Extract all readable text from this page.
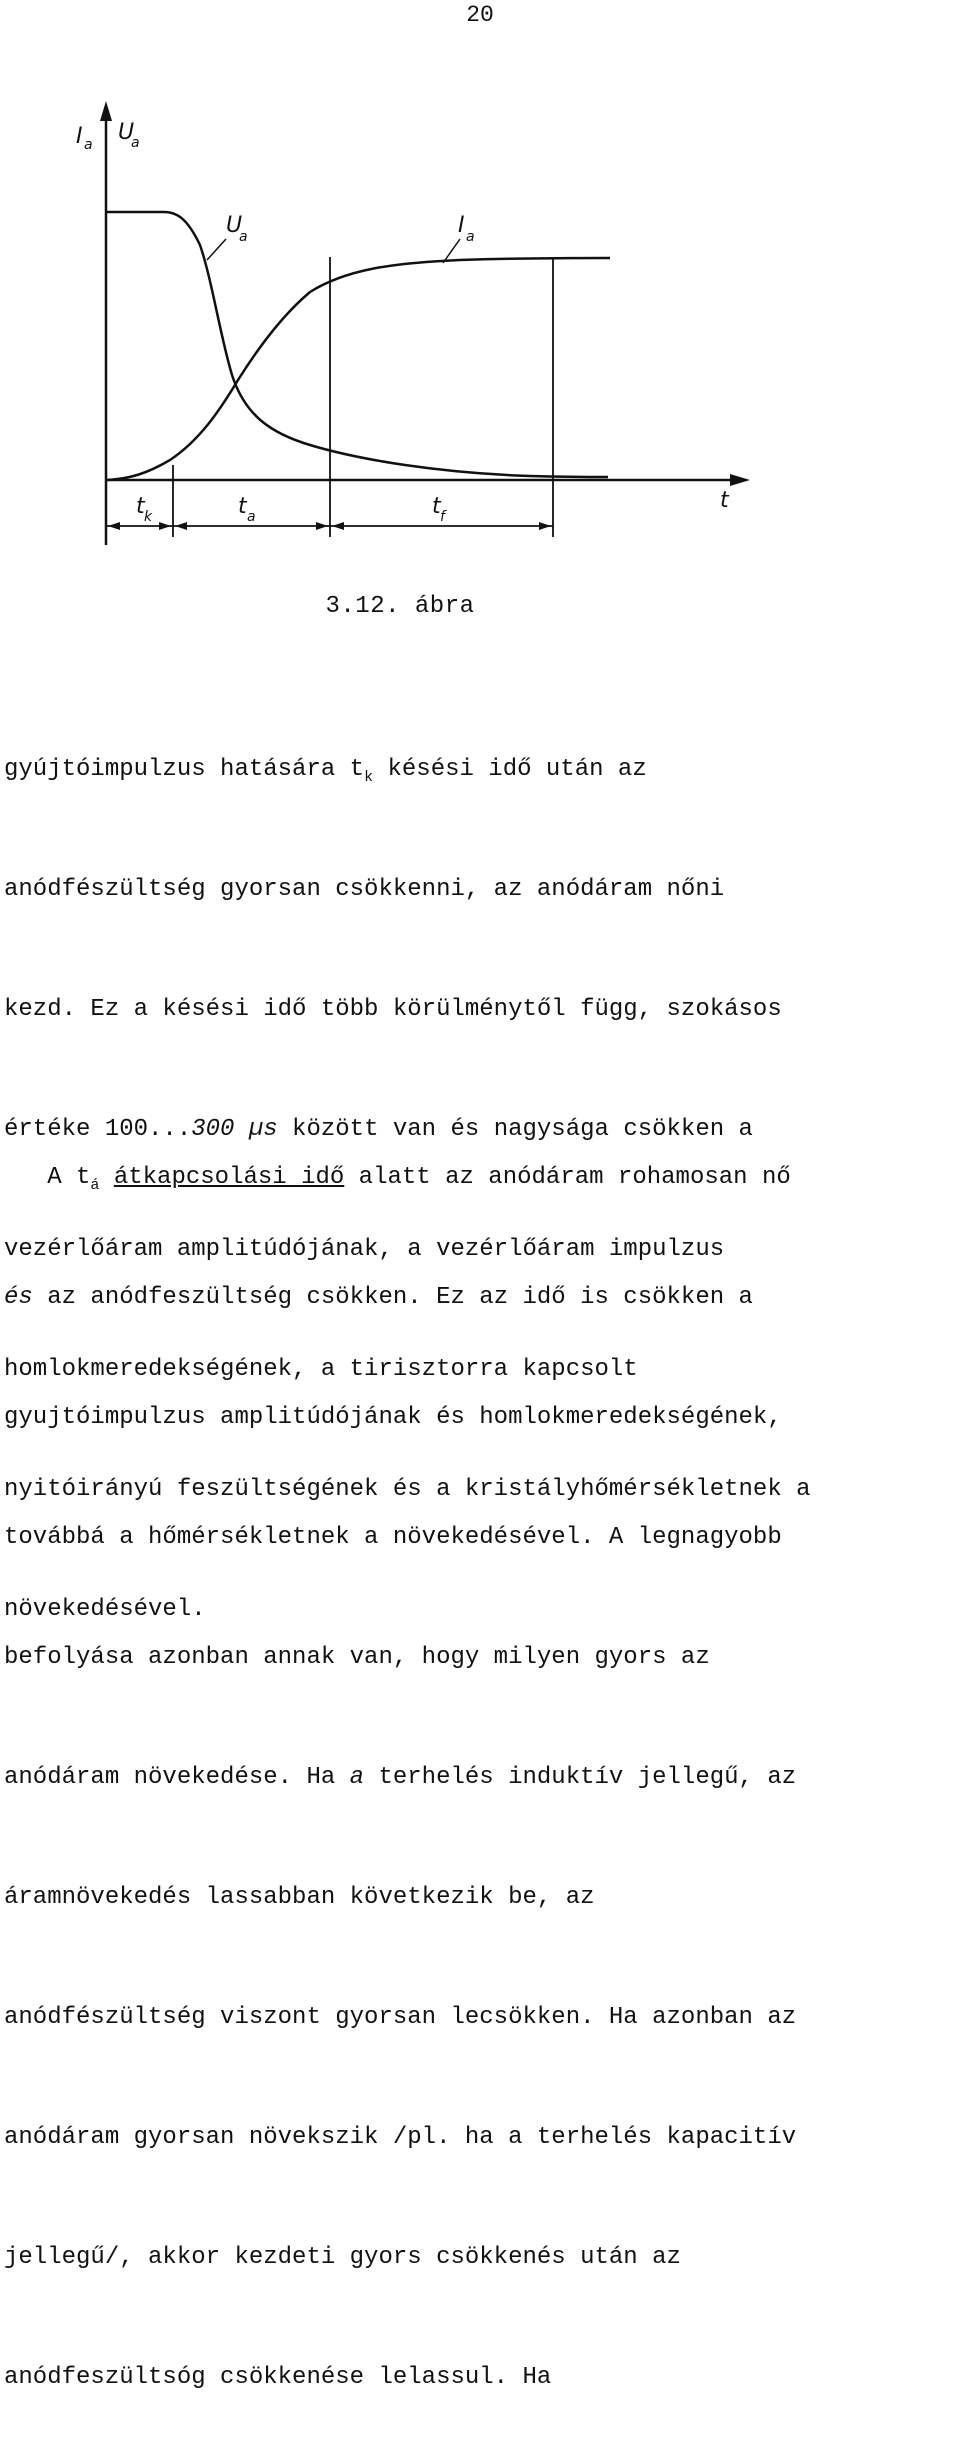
20
I a U
a
t
U
a	I a
t k	t a	t f
3.12. ábra

gyújtóimpulzus hatására $t_k$ késési idő után az

anódfészültség gyorsan csökkenni, az anódáram nőni

kezd. Ez a késési idő több körülménytől függ, szokásos

értéke 100...300 µs között van és nagysága csökken a

vezérlőáram amplitúdójának, a vezérlőáram impulzus

homlokmeredekségének, a tirisztorra kapcsolt

nyitóirányú feszültségének és a kristályhőmérsékletnek a

növekedésével.

A $t_á$ átkapcsolási idő alatt az anódáram rohamosan nő

és az anódfeszültség csökken. Ez az idő is csökken a

gyujtóimpulzus amplitúdójának és homlokmeredekségének,

továbbá a hőmérsékletnek a növekedésével. A legnagyobb

befolyása azonban annak van, hogy milyen gyors az

anódáram növekedése. Ha a terhelés induktív jellegű, az

áramnövekedés lassabban következik be, az

anódfészültség viszont gyorsan lecsökken. Ha azonban az

anódáram gyorsan növekszik /pl. ha a terhelés kapacitív

jellegű/, akkor kezdeti gyors csökkenés után az

anódfeszültsóg csökkenése lelassul. Ha
